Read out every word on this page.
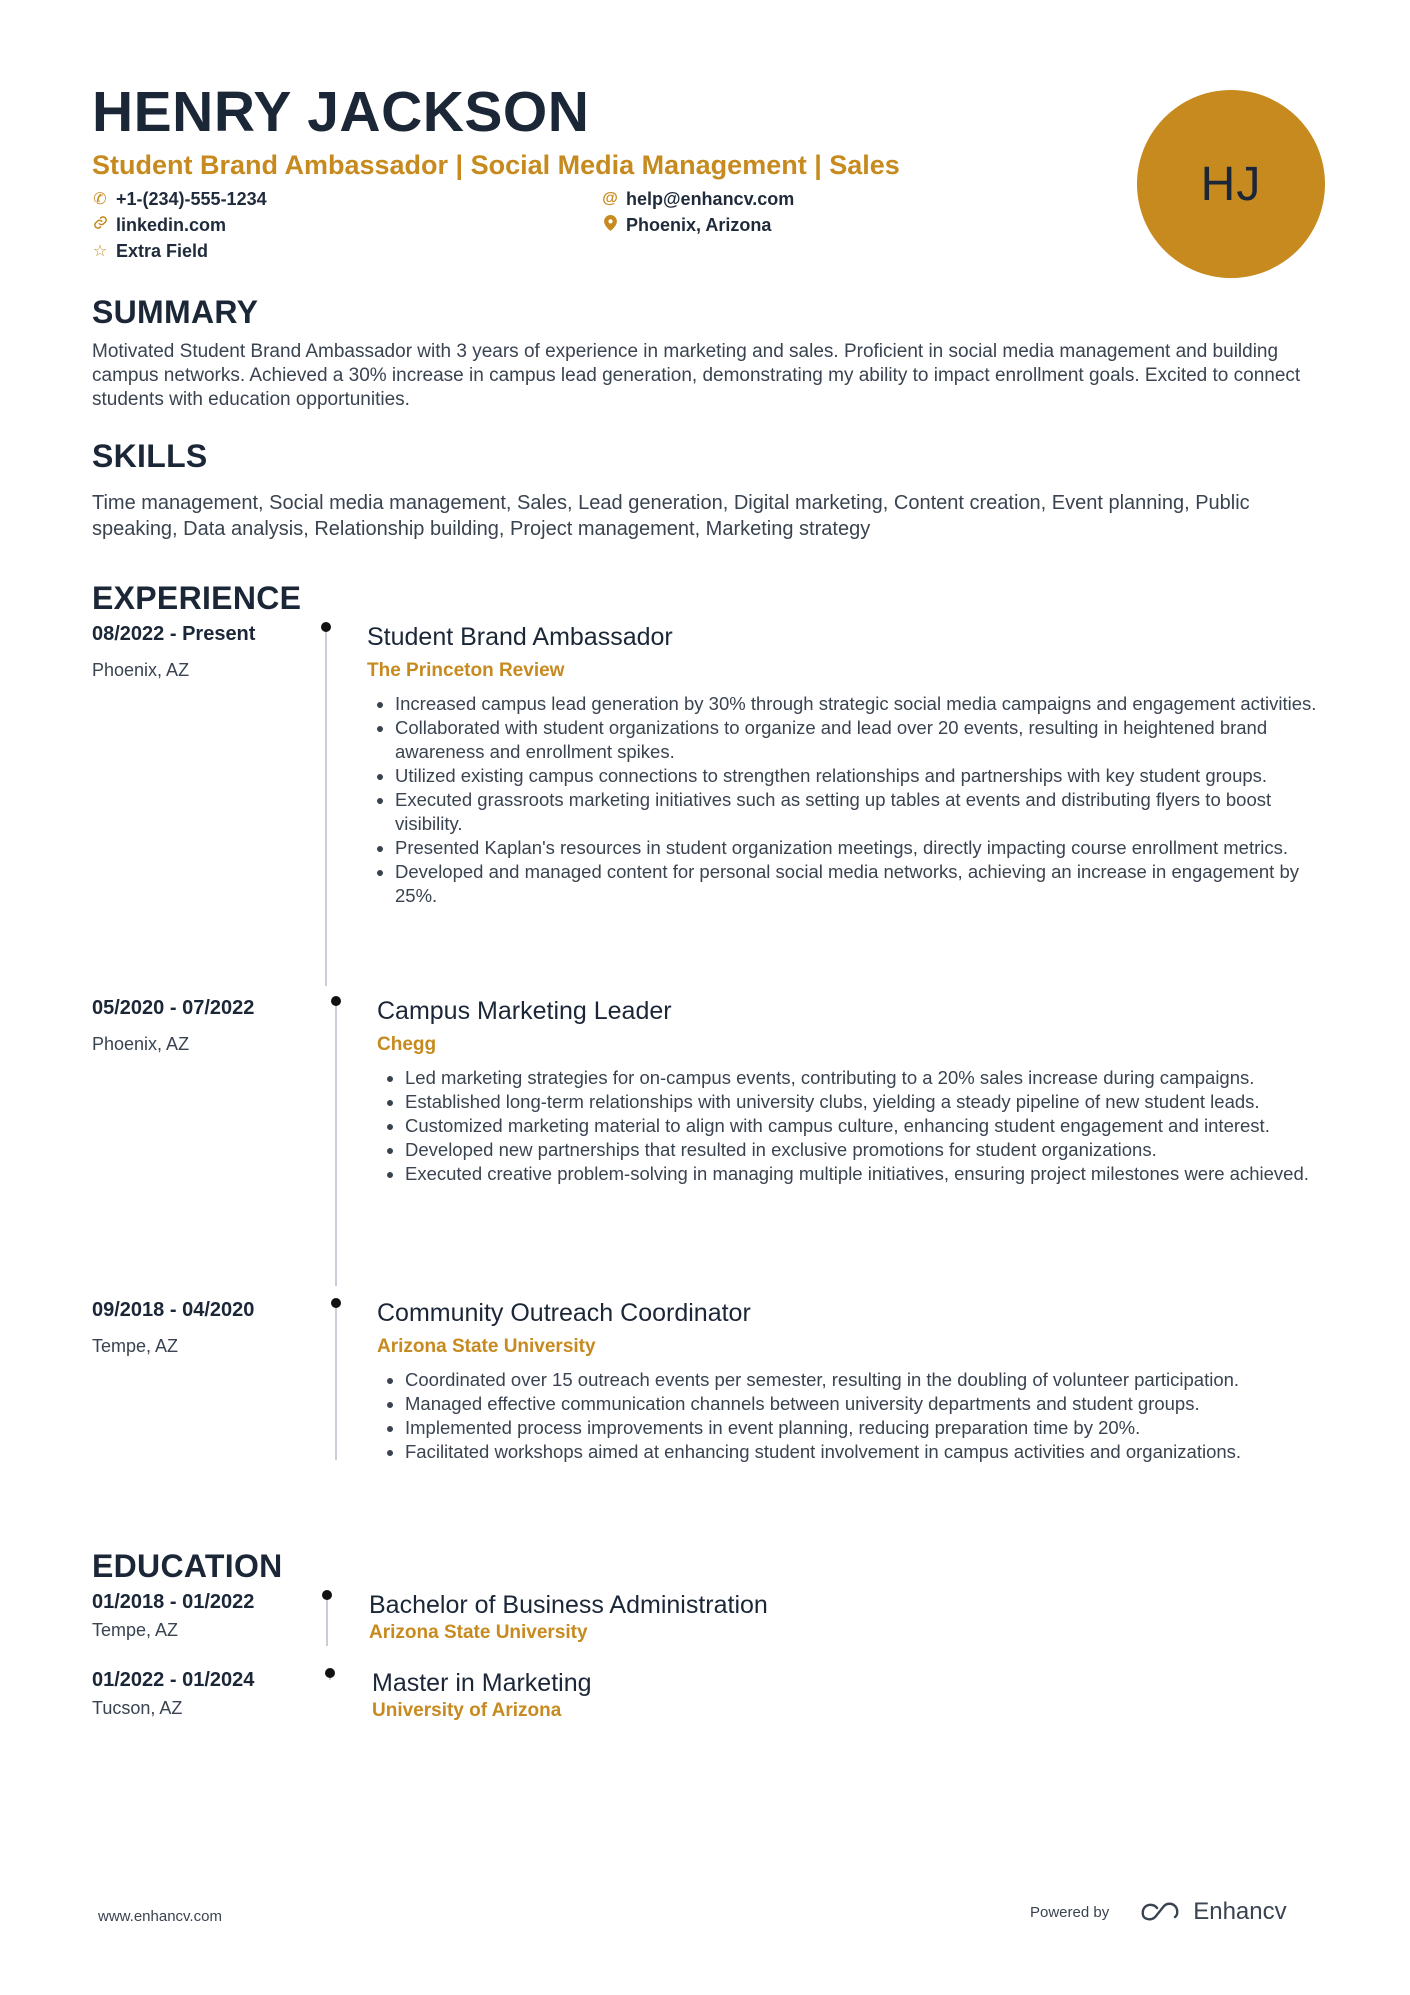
HENRY JACKSON
Student Brand Ambassador | Social Media Management | Sales
✆ +1-(234)-555-1234	@ help@enhancv.com
linkedin.com	Phoenix, Arizona
☆ Extra Field
HJ
SUMMARY

Motivated Student Brand Ambassador with 3 years of experience in marketing and sales. Proficient in social media management and building campus networks. Achieved a 30% increase in campus lead generation, demonstrating my ability to impact enrollment goals. Excited to connect students with education opportunities.

SKILLS

Time management, Social media management, Sales, Lead generation, Digital marketing, Content creation, Event planning, Public speaking, Data analysis, Relationship building, Project management, Marketing strategy

EXPERIENCE
08/2022 - Present
Phoenix, AZ
Student Brand Ambassador
The Princeton Review
• Increased campus lead generation by 30% through strategic social media campaigns and engagement activities.
• Collaborated with student organizations to organize and lead over 20 events, resulting in heightened brand awareness and enrollment spikes.
• Utilized existing campus connections to strengthen relationships and partnerships with key student groups.
• Executed grassroots marketing initiatives such as setting up tables at events and distributing flyers to boost visibility.
• Presented Kaplan's resources in student organization meetings, directly impacting course enrollment metrics.
• Developed and managed content for personal social media networks, achieving an increase in engagement by 25%.
05/2020 - 07/2022
Phoenix, AZ
Campus Marketing Leader
Chegg
• Led marketing strategies for on-campus events, contributing to a 20% sales increase during campaigns.
• Established long-term relationships with university clubs, yielding a steady pipeline of new student leads.
• Customized marketing material to align with campus culture, enhancing student engagement and interest.
• Developed new partnerships that resulted in exclusive promotions for student organizations.
• Executed creative problem-solving in managing multiple initiatives, ensuring project milestones were achieved.
09/2018 - 04/2020
Tempe, AZ
Community Outreach Coordinator
Arizona State University
• Coordinated over 15 outreach events per semester, resulting in the doubling of volunteer participation.
• Managed effective communication channels between university departments and student groups.
• Implemented process improvements in event planning, reducing preparation time by 20%.
• Facilitated workshops aimed at enhancing student involvement in campus activities and organizations.
EDUCATION
01/2018 - 01/2022
Tempe, AZ
Bachelor of Business Administration
Arizona State University
01/2022 - 01/2024
Tucson, AZ
Master in Marketing
University of Arizona
www.enhancv.com	Powered by	Enhancv
